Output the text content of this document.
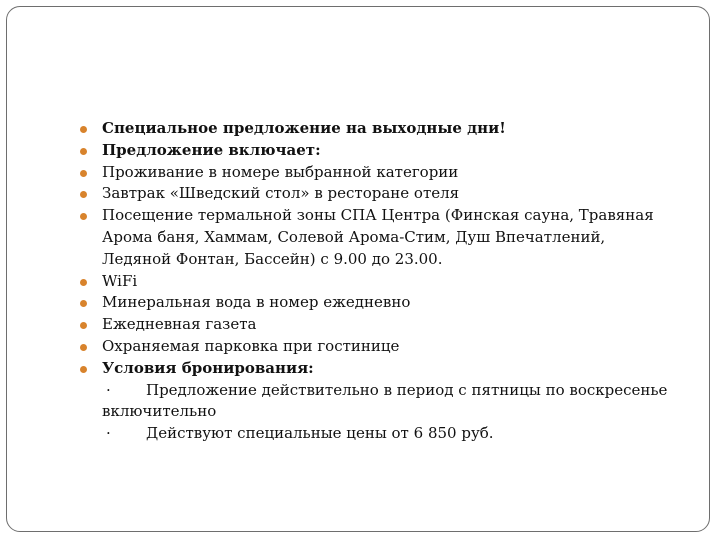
Специальное предложение на выходные дни!
Предложение включает:
Проживание в номере выбранной категории
Завтрак «Шведский стол» в ресторане отеля
Посещение термальной зоны СПА Центра (Финская сауна, Травяная Арома баня, Хаммам, Солевой Арома-Стим, Душ Впечатлений, Ледяной Фонтан, Бассейн) с 9.00 до 23.00.
WiFi
Минеральная вода в номер ежедневно
Ежедневная газета
Охраняемая парковка при гостинице
Условия бронирования:
· Предложение действительно в период с пятницы по воскресенье включительно
· Действуют специальные цены от 6 850 руб.
